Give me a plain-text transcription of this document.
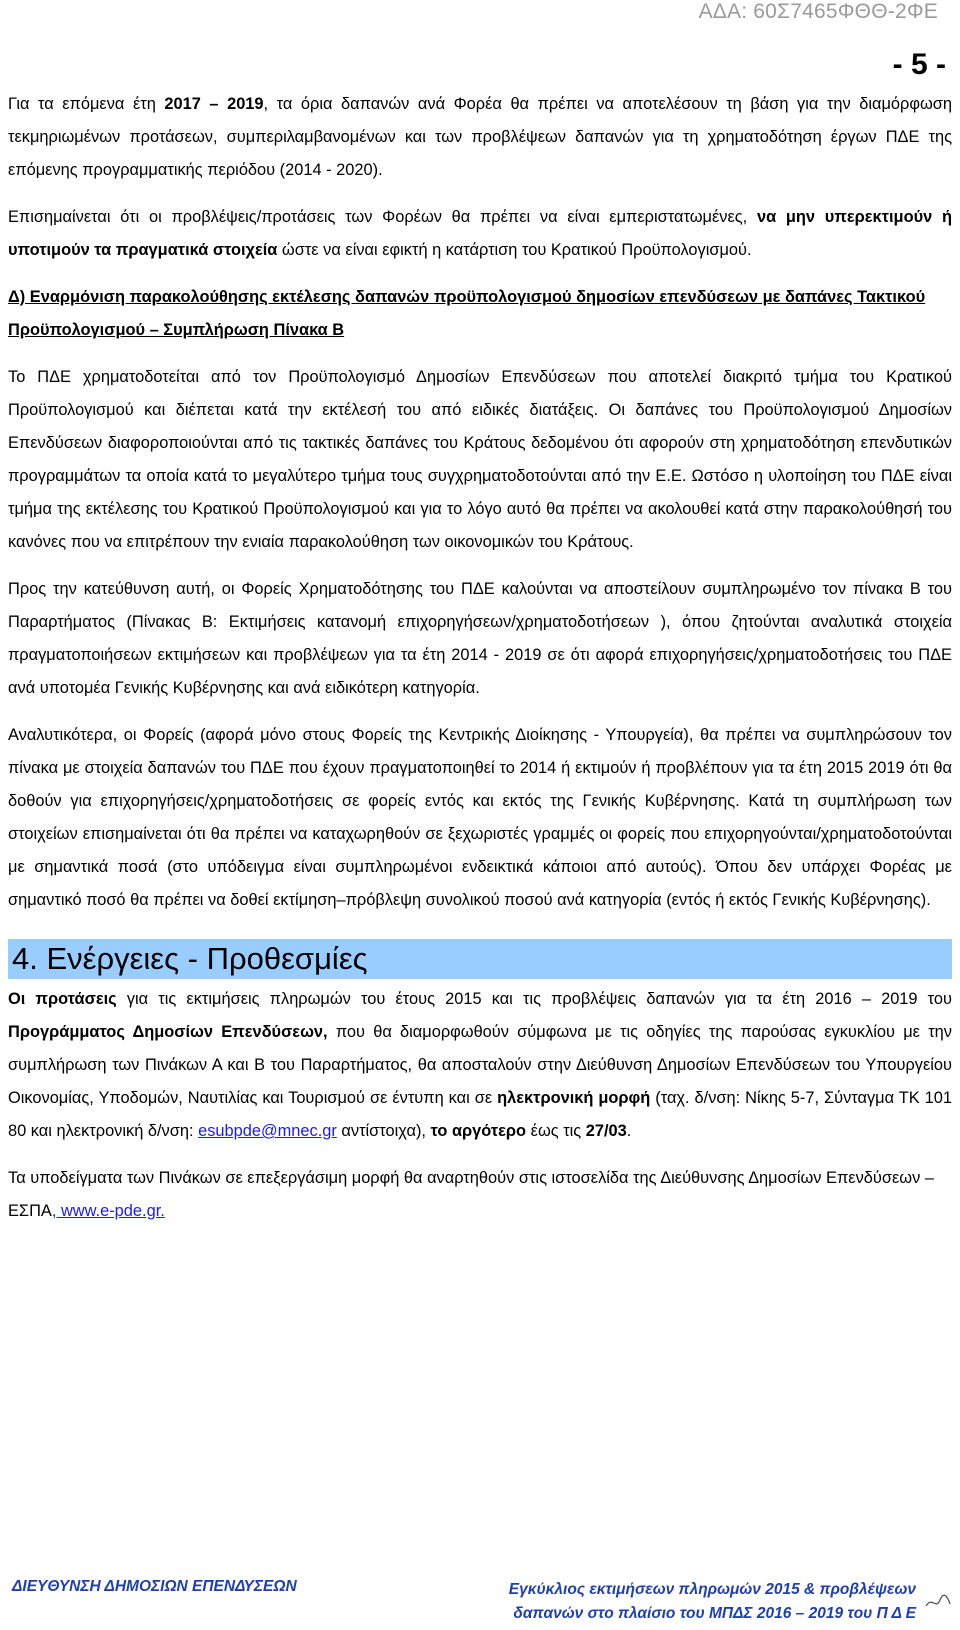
ΑΔΑ: 60Σ7465ΦΘΘ-2ΦΕ
- 5 -

Για τα επόμενα έτη 2017 – 2019, τα όρια δαπανών ανά Φορέα θα πρέπει να αποτελέσουν τη βάση για την διαμόρφωση τεκμηριωμένων προτάσεων, συμπεριλαμβανομένων και των προβλέψεων δαπανών για τη χρηματοδότηση έργων ΠΔΕ της επόμενης προγραμματικής περιόδου (2014 - 2020).

Επισημαίνεται ότι οι προβλέψεις/προτάσεις των Φορέων θα πρέπει να είναι εμπεριστατωμένες, να μην υπερεκτιμούν ή υποτιμούν τα πραγματικά στοιχεία ώστε να είναι εφικτή η κατάρτιση του Κρατικού Προϋπολογισμού.

Δ) Εναρμόνιση παρακολούθησης εκτέλεσης δαπανών προϋπολογισμού δημοσίων επενδύσεων με δαπάνες Τακτικού Προϋπολογισμού – Συμπλήρωση Πίνακα Β

Το ΠΔΕ χρηματοδοτείται από τον Προϋπολογισμό Δημοσίων Επενδύσεων που αποτελεί διακριτό τμήμα του Κρατικού Προϋπολογισμού και διέπεται κατά την εκτέλεσή του από ειδικές διατάξεις. Οι δαπάνες του Προϋπολογισμού Δημοσίων Επενδύσεων διαφοροποιούνται από τις τακτικές δαπάνες του Κράτους δεδομένου ότι αφορούν στη χρηματοδότηση επενδυτικών προγραμμάτων τα οποία κατά το μεγαλύτερο τμήμα τους συγχρηματοδοτούνται από την Ε.Ε. Ωστόσο η υλοποίηση του ΠΔΕ είναι τμήμα της εκτέλεσης του Κρατικού Προϋπολογισμού και για το λόγο αυτό θα πρέπει να ακολουθεί κατά στην παρακολούθησή του κανόνες που να επιτρέπουν την ενιαία παρακολούθηση των οικονομικών του Κράτους.

Προς την κατεύθυνση αυτή, οι Φορείς Χρηματοδότησης του ΠΔΕ καλούνται να αποστείλουν συμπληρωμένο τον πίνακα Β του Παραρτήματος (Πίνακας Β: Εκτιμήσεις κατανομή επιχορηγήσεων/χρηματοδοτήσεων ), όπου ζητούνται αναλυτικά στοιχεία πραγματοποιήσεων εκτιμήσεων και προβλέψεων για τα έτη 2014 - 2019 σε ότι αφορά επιχορηγήσεις/χρηματοδοτήσεις του ΠΔΕ ανά υποτομέα Γενικής Κυβέρνησης και ανά ειδικότερη κατηγορία.

Αναλυτικότερα, οι Φορείς (αφορά μόνο στους Φορείς της Κεντρικής Διοίκησης - Υπουργεία), θα πρέπει να συμπληρώσουν τον πίνακα με στοιχεία δαπανών του ΠΔΕ που έχουν πραγματοποιηθεί το 2014 ή εκτιμούν ή προβλέπουν για τα έτη 2015 2019 ότι θα δοθούν για επιχορηγήσεις/χρηματοδοτήσεις σε φορείς εντός και εκτός της Γενικής Κυβέρνησης. Κατά τη συμπλήρωση των στοιχείων επισημαίνεται ότι θα πρέπει να καταχωρηθούν σε ξεχωριστές γραμμές οι φορείς που επιχορηγούνται/χρηματοδοτούνται με σημαντικά ποσά (στο υπόδειγμα είναι συμπληρωμένοι ενδεικτικά κάποιοι από αυτούς). Όπου δεν υπάρχει Φορέας με σημαντικό ποσό θα πρέπει να δοθεί εκτίμηση–πρόβλεψη συνολικού ποσού ανά κατηγορία (εντός ή εκτός Γενικής Κυβέρνησης).

4. Ενέργειες - Προθεσμίες

Οι προτάσεις για τις εκτιμήσεις πληρωμών του έτους 2015 και τις προβλέψεις δαπανών για τα έτη 2016 – 2019 του Προγράμματος Δημοσίων Επενδύσεων, που θα διαμορφωθούν σύμφωνα με τις οδηγίες της παρούσας εγκυκλίου με την συμπλήρωση των Πινάκων Α και Β του Παραρτήματος, θα αποσταλούν στην Διεύθυνση Δημοσίων Επενδύσεων του Υπουργείου Οικονομίας, Υποδομών, Ναυτιλίας και Τουρισμού σε έντυπη και σε ηλεκτρονική μορφή (ταχ. δ/νση: Νίκης 5-7, Σύνταγμα ΤΚ 101 80 και ηλεκτρονική δ/νση: esubpde@mnec.gr αντίστοιχα), το αργότερο έως τις 27/03.

Τα υποδείγματα των Πινάκων σε επεξεργάσιμη μορφή θα αναρτηθούν στις ιστοσελίδα της Διεύθυνσης Δημοσίων Επενδύσεων – ΕΣΠΑ, www.e-pde.gr.

ΔΙΕΥΘΥΝΣΗ ΔΗΜΟΣΙΩΝ ΕΠΕΝΔΥΣΕΩΝ	Εγκύκλιος εκτιμήσεων πληρωμών 2015 & προβλέψεων
δαπανών στο πλαίσιο του ΜΠΔΣ 2016 – 2019 του Π Δ Ε
